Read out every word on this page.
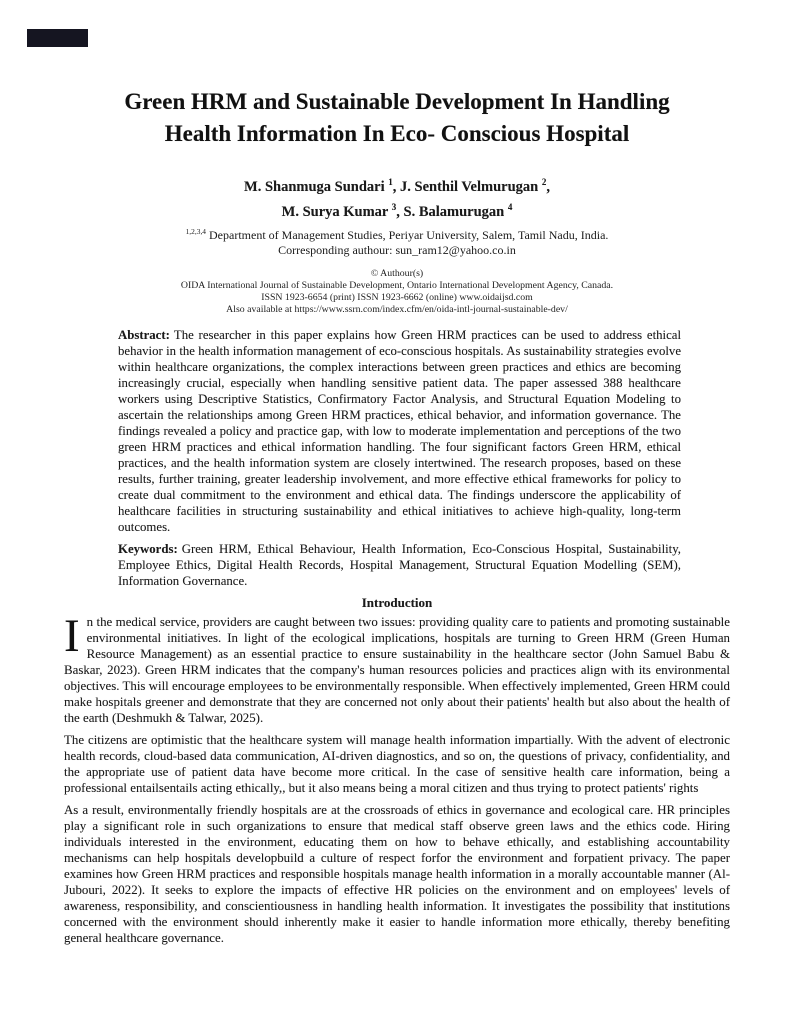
Green HRM and Sustainable Development In Handling
Health Information In Eco- Conscious Hospital
M. Shanmuga Sundari $^1$, J. Senthil Velmurugan $^2$,
M. Surya Kumar $^3$, S. Balamurugan $^4$
$^{1,2,3,4}$ Department of Management Studies, Periyar University, Salem, Tamil Nadu, India.
Corresponding authour: sun_ram12@yahoo.co.in
© Authour(s)
OIDA International Journal of Sustainable Development, Ontario International Development Agency, Canada.
ISSN 1923-6654 (print) ISSN 1923-6662 (online) www.oidaijsd.com
Also available at https://www.ssrn.com/index.cfm/en/oida-intl-journal-sustainable-dev/

Abstract: The researcher in this paper explains how Green HRM practices can be used to address ethical behavior in the health information management of eco-conscious hospitals. As sustainability strategies evolve within healthcare organizations, the complex interactions between green practices and ethics are becoming increasingly crucial, especially when handling sensitive patient data. The paper assessed 388 healthcare workers using Descriptive Statistics, Confirmatory Factor Analysis, and Structural Equation Modeling to ascertain the relationships among Green HRM practices, ethical behavior, and information governance. The findings revealed a policy and practice gap, with low to moderate implementation and perceptions of the two green HRM practices and ethical information handling. The four significant factors Green HRM, ethical practices, and the health information system are closely intertwined. The research proposes, based on these results, further training, greater leadership involvement, and more effective ethical frameworks for policy to create dual commitment to the environment and ethical data. The findings underscore the applicability of healthcare facilities in structuring sustainability and ethical initiatives to achieve high-quality, long-term outcomes.

Keywords: Green HRM, Ethical Behaviour, Health Information, Eco-Conscious Hospital, Sustainability, Employee Ethics, Digital Health Records, Hospital Management, Structural Equation Modelling (SEM), Information Governance.

Introduction

In the medical service, providers are caught between two issues: providing quality care to patients and promoting sustainable environmental initiatives. In light of the ecological implications, hospitals are turning to Green HRM (Green Human Resource Management) as an essential practice to ensure sustainability in the healthcare sector (John Samuel Babu & Baskar, 2023). Green HRM indicates that the company's human resources policies and practices align with its environmental objectives. This will encourage employees to be environmentally responsible. When effectively implemented, Green HRM could make hospitals greener and demonstrate that they are concerned not only about their patients' health but also about the health of the earth (Deshmukh & Talwar, 2025).

The citizens are optimistic that the healthcare system will manage health information impartially. With the advent of electronic health records, cloud-based data communication, AI-driven diagnostics, and so on, the questions of privacy, confidentiality, and the appropriate use of patient data have become more critical. In the case of sensitive health care information, being a professional entailsentails acting ethically,, but it also means being a moral citizen and thus trying to protect patients' rights

As a result, environmentally friendly hospitals are at the crossroads of ethics in governance and ecological care. HR principles play a significant role in such organizations to ensure that medical staff observe green laws and the ethics code. Hiring individuals interested in the environment, educating them on how to behave ethically, and establishing accountability mechanisms can help hospitals developbuild a culture of respect forfor the environment and forpatient privacy. The paper examines how Green HRM practices and responsible hospitals manage health information in a morally accountable manner (Al-Jubouri, 2022). It seeks to explore the impacts of effective HR policies on the environment and on employees' levels of awareness, responsibility, and conscientiousness in handling health information. It investigates the possibility that institutions concerned with the environment should inherently make it easier to handle information more ethically, thereby benefiting general healthcare governance.
